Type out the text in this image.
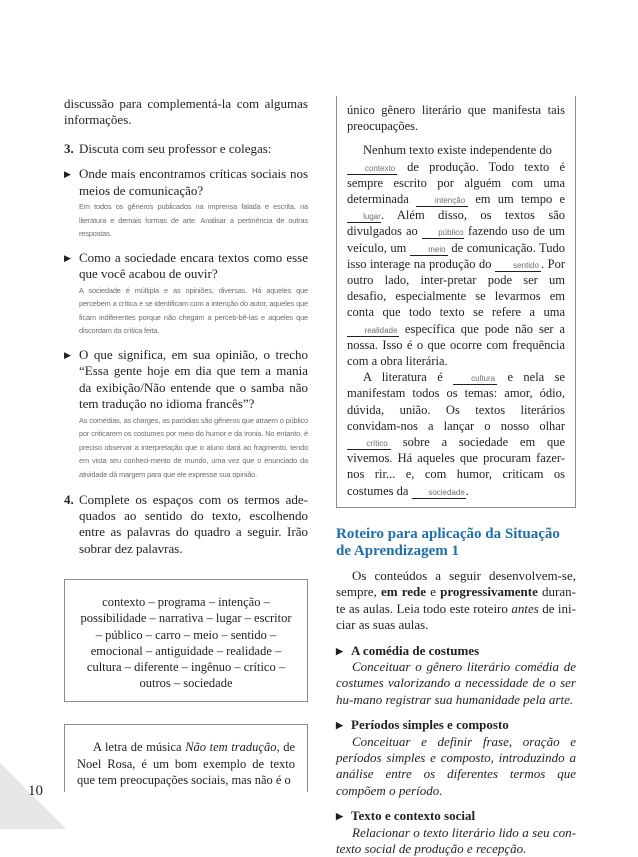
10

discussão para complementá-la com algumas informações.

3. Discuta com seu professor e colegas:
▶ Onde mais encontramos críticas sociais nos meios de comunicação?

Em todos os gêneros publicados na imprensa falada e escrita, na literatura e demais formas de arte. Analisar a pertinência de outras respostas.

▶ Como a sociedade encara textos como esse que você acabou de ouvir?

A sociedade é múltipla e as opiniões, diversas. Há aqueles que percebem a crítica e se identificam com a intenção do autor, aqueles que ficam indiferentes porque não chegam a perceb-bê-las e aqueles que discordam da crítica feita.

▶ O que significa, em sua opinião, o trecho “Essa gente hoje em dia que tem a mania da exibição/Não entende que o samba não tem tradução no idioma francês”?

As comédias, as charges, as paródias são gêneros que atraem o público por criticarem os costumes por meio do humor e da ironia. No entanto, é preciso observar a interpretação que o aluno dará ao fragmento, tendo em vista seu conheci-mento de mundo, uma vez que o enunciado da atividade dá margem para que ele expresse sua opinião.

4. Complete os espaços com os termos ade-quados ao sentido do texto, escolhendo entre as palavras do quadro a seguir. Irão sobrar dez palavras.

contexto – programa – intenção – possibilidade – narrativa – lugar – escritor – público – carro – meio – sentido – emocional – antiguidade – realidade – cultura – diferente – ingênuo – crítico – outros – sociedade

A letra de música Não tem tradução, de Noel Rosa, é um bom exemplo de texto que tem preocupações sociais, mas não é o

único gênero literário que manifesta tais preocupações.

Nenhum texto existe independente do
contexto de produção. Todo texto é sempre escrito por alguém com uma determinada	intenção em um tempo e lugar. Além disso, os textos são divulgados ao público fazendo uso de um veículo, um meio de comunicação. Tudo isso interage na produção do sentido . Por outro lado, inter-pretar pode ser um desafio, especialmente se levarmos em conta que todo texto se refere a uma realidade específica que pode não ser a nossa. Isso é o que ocorre com frequência com a obra literária.

A literatura é cultura e nela se manifestam todos os temas: amor, ódio, dúvida, união. Os textos literários convidam-nos a lançar o nosso olhar crítico sobre a sociedade em que vivemos. Há aqueles que procuram fazer-nos rir... e, com humor, criticam os costumes da sociedade.

Roteiro para aplicação da Situação de Aprendizagem 1

Os conteúdos a seguir desenvolvem-se, sempre, em rede e progressivamente duran-te as aulas. Leia todo este roteiro antes de ini-ciar as suas aulas.

▶ A comédia de costumes

Conceituar o gênero literário comédia de costumes valorizando a necessidade de o ser hu-mano registrar sua humanidade pela arte.

▶ Períodos simples e composto

Conceituar e definir frase, oração e períodos simples e composto, introduzindo a análise entre os diferentes termos que compõem o período.

▶ Texto e contexto social

Relacionar o texto literário lido a seu con-texto social de produção e recepção.
